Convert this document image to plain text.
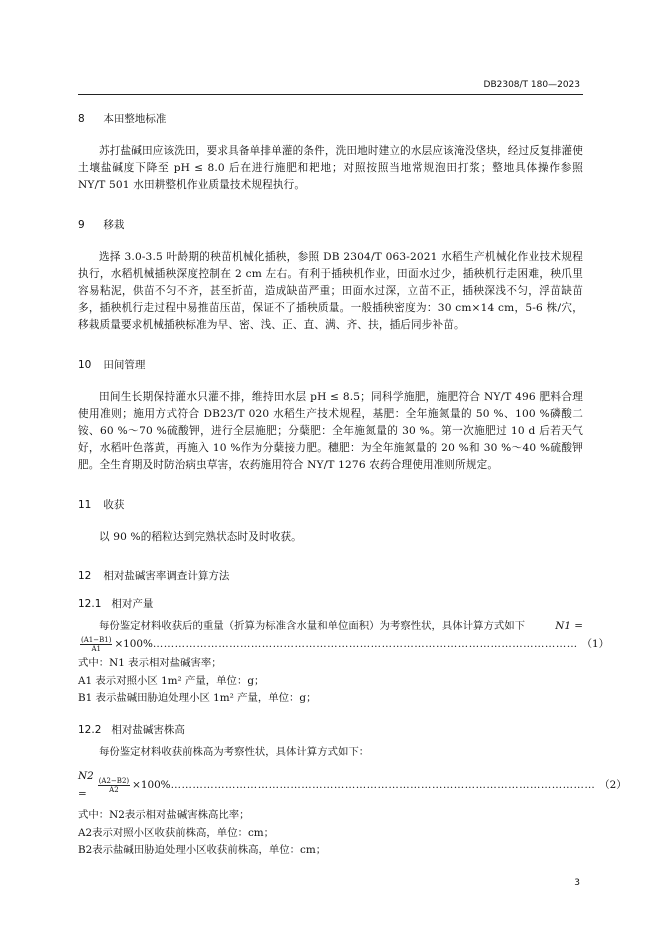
DB2308/T 180—2023
8 本田整地标准

苏打盐碱田应该洗田，要求具备单排单灌的条件，洗田地时建立的水层应该淹没垡块，经过反复排灌使土壤盐碱度下降至 pH ≤ 8.0 后在进行施肥和耙地；对照按照当地常规泡田打浆；整地具体操作参照 NY/T 501 水田耕整机作业质量技术规程执行。

9 移栽

选择 3.0-3.5 叶龄期的秧苗机械化插秧，参照 DB 2304/T 063-2021 水稻生产机械化作业技术规程执行，水稻机械插秧深度控制在 2 cm 左右。有利于插秧机作业，田面水过少，插秧机行走困难，秧爪里容易粘泥，供苗不匀不齐，甚至折苗，造成缺苗严重；田面水过深，立苗不正，插秧深浅不匀，浮苗缺苗多，插秧机行走过程中易推苗压苗，保证不了插秧质量。一般插秧密度为：30 cm×14 cm，5-6 株/穴，移栽质量要求机械插秧标准为早、密、浅、正、直、满、齐、扶，插后同步补苗。

10 田间管理

田间生长期保持灌水只灌不排，维持田水层 pH ≤ 8.5；同科学施肥，施肥符合 NY/T 496 肥料合理使用准则；施用方式符合 DB23/T 020 水稻生产技术规程，基肥：全年施氮量的 50 %、100 %磷酸二铵、60 %～70 %硫酸钾，进行全层施肥；分蘖肥：全年施氮量的 30 %。第一次施肥过 10 d 后若天气好，水稻叶色落黄，再施入 10 %作为分蘖接力肥。穗肥：为全年施氮量的 20 %和 30 %～40 %硫酸钾肥。全生育期及时防治病虫草害，农药施用符合 NY/T 1276 农药合理使用准则所规定。

11 收获

以 90 %的稻粒达到完熟状态时及时收获。

12 相对盐碱害率调查计算方法
12.1 相对产量
每份鉴定材料收获后的重量（折算为标准含水量和单位面积）为考察性状，具体计算方式如下	N1 =
$\frac{(A1-B1)}{A1} \times 100\%$ ……………………………………………………………………………………………………… （1）

式中：N1 表示相对盐碱害率；

A1 表示对照小区 1m² 产量，单位：g；

B1 表示盐碱田胁迫处理小区 1m² 产量，单位：g；

12.2 相对盐碱害株高

每份鉴定材料收获前株高为考察性状，具体计算方式如下：

N2 =
$\frac{(A2-B2)}{A2} \times 100\%$ ……………………………………………………………………………………………………… （2）

式中：N2表示相对盐碱害株高比率；

A2表示对照小区收获前株高，单位：cm；

B2表示盐碱田胁迫处理小区收获前株高，单位：cm；

3
